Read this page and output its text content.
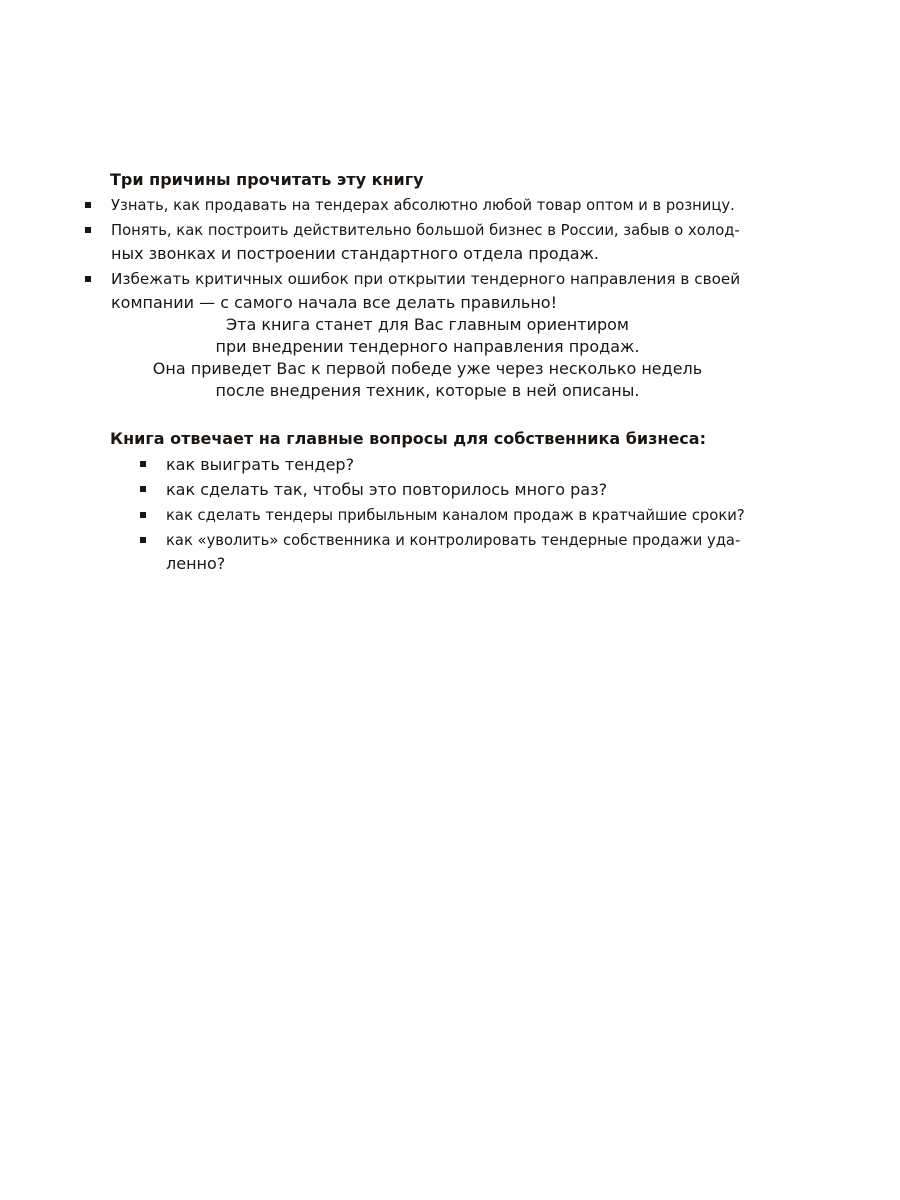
Три причины прочитать эту книгу
Узнать, как продавать на тендерах абсолютно любой товар оптом и в розницу.
Понять, как построить действительно большой бизнес в России, забыв о холод-
ных звонках и построении стандартного отдела продаж.
Избежать критичных ошибок при открытии тендерного направления в своей
компании — с самого начала все делать правильно!
Эта книга станет для Вас главным ориентиром
при внедрении тендерного направления продаж.
Она приведет Вас к первой победе уже через несколько недель
после внедрения техник, которые в ней описаны.
Книга отвечает на главные вопросы для собственника бизнеса:
как выиграть тендер?
как сделать так, чтобы это повторилось много раз?
как сделать тендеры прибыльным каналом продаж в кратчайшие сроки?
как «уволить» собственника и контролировать тендерные продажи уда-
ленно?
